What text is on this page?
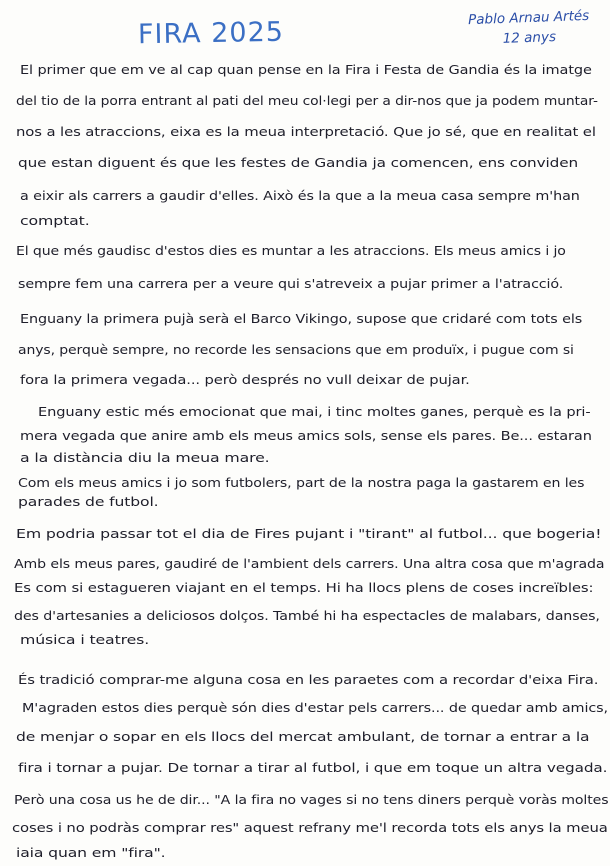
FIRA 2025	Pablo Arnau Artés
12 anys
El primer que em ve al cap quan pense en la Fira i Festa de Gandia és la imatge
del tio de la porra entrant al pati del meu col·legi per a dir-nos que ja podem muntar-
nos a les atraccions, eixa es la meua interpretació. Que jo sé, que en realitat el
que estan diguent és que les festes de Gandia ja comencen, ens conviden
a eixir als carrers a gaudir d'elles. Això és la que a la meua casa sempre m'han
comptat.
El que més gaudisc d'estos dies es muntar a les atraccions. Els meus amics i jo
sempre fem una carrera per a veure qui s'atreveix a pujar primer a l'atracció.
Enguany la primera pujà serà el Barco Vikingo, supose que cridaré com tots els
anys, perquè sempre, no recorde les sensacions que em produïx, i pugue com si
fora la primera vegada... però després no vull deixar de pujar.
Enguany estic més emocionat que mai, i tinc moltes ganes, perquè es la pri-
mera vegada que anire amb els meus amics sols, sense els pares. Be... estaran
a la distància diu la meua mare.
Com els meus amics i jo som futbolers, part de la nostra paga la gastarem en les
parades de futbol.
Em podria passar tot el dia de Fires pujant i "tirant" al futbol... que bogeria!
Amb els meus pares, gaudiré de l'ambient dels carrers. Una altra cosa que m'agrada
Es com si estagueren viajant en el temps. Hi ha llocs plens de coses increïbles:
des d'artesanies a deliciosos dolços. També hi ha espectacles de malabars, danses,
música i teatres.
És tradició comprar-me alguna cosa en les paraetes com a recordar d'eixa Fira.
M'agraden estos dies perquè són dies d'estar pels carrers... de quedar amb amics,
de menjar o sopar en els llocs del mercat ambulant, de tornar a entrar a la
fira i tornar a pujar. De tornar a tirar al futbol, i que em toque un altra vegada.
Però una cosa us he de dir... "A la fira no vages si no tens diners perquè voràs moltes
coses i no podràs comprar res" aquest refrany me'l recorda tots els anys la meua
iaia quan em "fira".
